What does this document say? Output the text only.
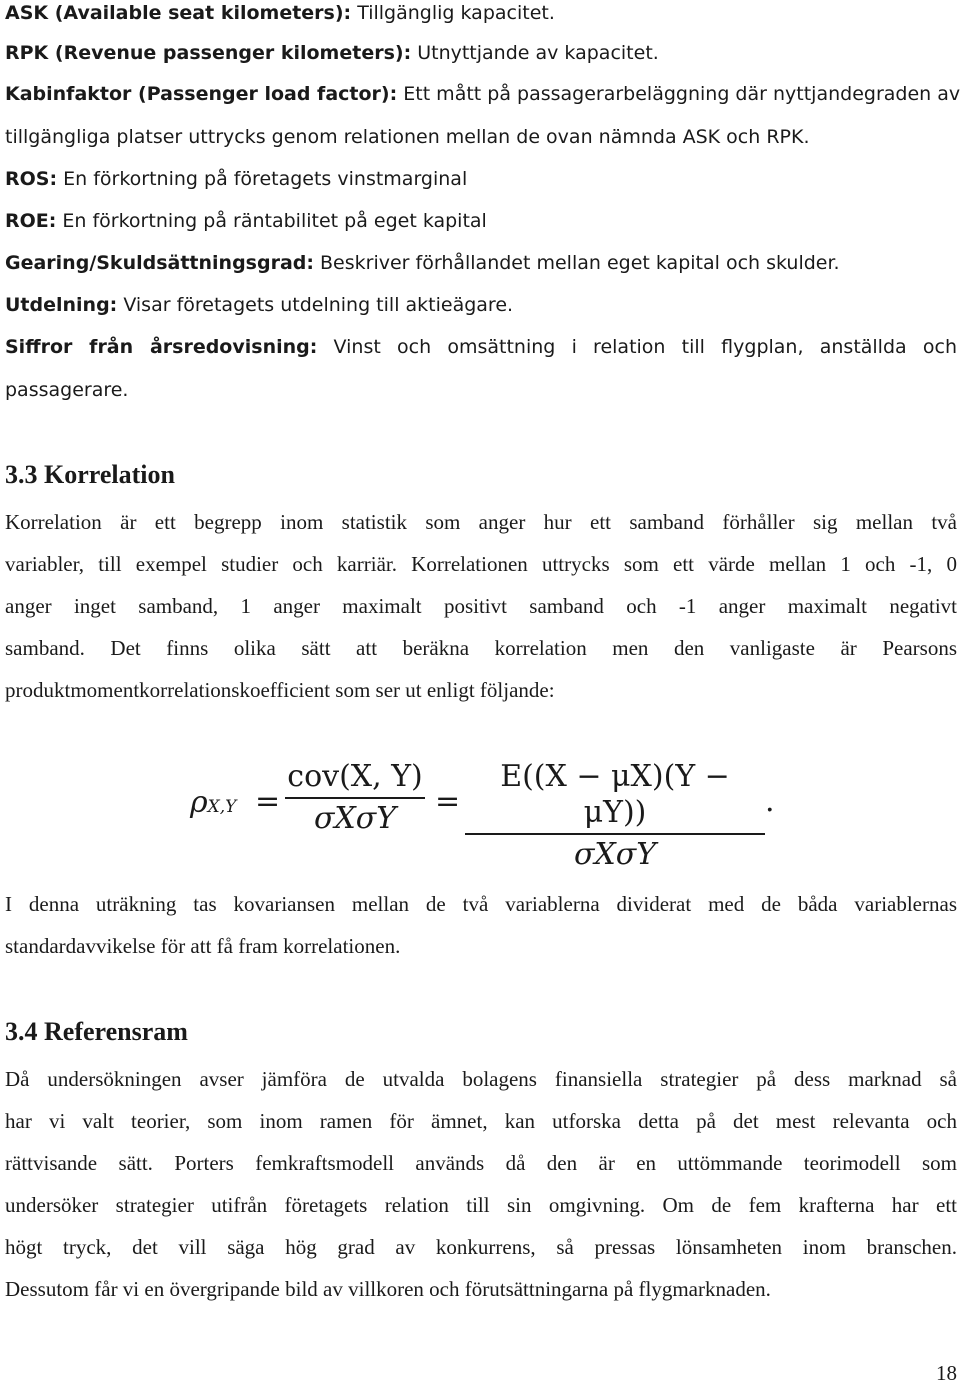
ASK (Available seat kilometers): Tillgänglig kapacitet.
RPK (Revenue passenger kilometers): Utnyttjande av kapacitet.
Kabinfaktor (Passenger load factor): Ett mått på passagerarbeläggning där nyttjandegraden av
tillgängliga platser uttrycks genom relationen mellan de ovan nämnda ASK och RPK.
ROS: En förkortning på företagets vinstmarginal
ROE: En förkortning på räntabilitet på eget kapital
Gearing/Skuldsättningsgrad: Beskriver förhållandet mellan eget kapital och skulder.
Utdelning: Visar företagets utdelning till aktieägare.
Siffror från årsredovisning: Vinst och omsättning i relation till flygplan, anställda och
passagerare.
3.3 Korrelation
Korrelation är ett begrepp inom statistik som anger hur ett samband förhåller sig mellan två
variabler, till exempel studier och karriär. Korrelationen uttrycks som ett värde mellan 1 och -1, 0
anger inget samband, 1 anger maximalt positivt samband och -1 anger maximalt negativt
samband. Det finns olika sätt att beräkna korrelation men den vanligaste är Pearsons
produktmomentkorrelationskoefficient som ser ut enligt följande:
ρX,Y =
cov(X, Y)
σXσY	=
E((X − μX)(Y − μY))
σXσY
.
I denna uträkning tas kovariansen mellan de två variablerna dividerat med de båda variablernas
standardavvikelse för att få fram korrelationen.
3.4 Referensram
Då undersökningen avser jämföra de utvalda bolagens finansiella strategier på dess marknad så
har vi valt teorier, som inom ramen för ämnet, kan utforska detta på det mest relevanta och
rättvisande sätt. Porters femkraftsmodell används då den är en uttömmande teorimodell som
undersöker strategier utifrån företagets relation till sin omgivning. Om de fem krafterna har ett
högt tryck, det vill säga hög grad av konkurrens, så pressas lönsamheten inom branschen.
Dessutom får vi en övergripande bild av villkoren och förutsättningarna på flygmarknaden.
18
